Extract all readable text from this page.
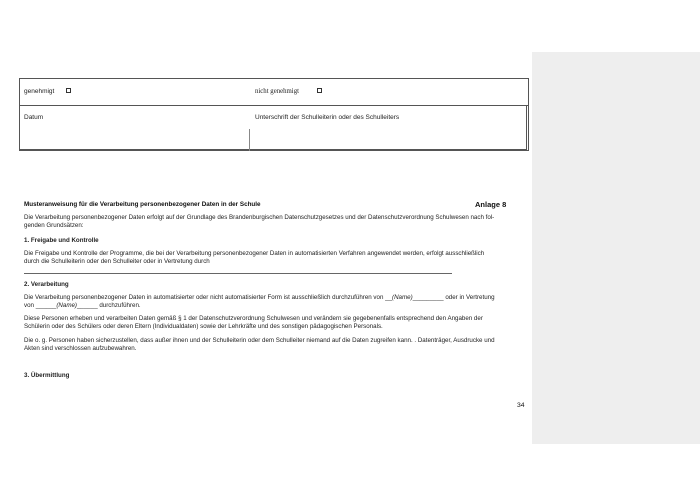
genehmigt	nicht genehmigt
Datum	Unterschrift der Schulleiterin oder des Schulleiters
Musteranweisung für die Verarbeitung personenbezogener Daten in der Schule	Anlage 8
Die Verarbeitung personenbezogener Daten erfolgt auf der Grundlage des Brandenburgischen Datenschutzgesetzes und der Datenschutzverordnung Schulwesen nach fol-
genden Grundsätzen:
1. Freigabe und Kontrolle
Die Freigabe und Kontrolle der Programme, die bei der Verarbeitung personenbezogener Daten in automatisierten Verfahren angewendet werden, erfolgt ausschließlich
durch die Schulleiterin oder den Schulleiter oder in Vertretung durch
2. Verarbeitung
Die Verarbeitung personenbezogener Daten in automatisierter oder nicht automatisierter Form ist ausschließlich durchzuführen von __(Name)_________ oder in Vertretung
von ______(Name)______ durchzuführen.
Diese Personen erheben und verarbeiten Daten gemäß § 1 der Datenschutzverordnung Schulwesen und verändern sie gegebenenfalls entsprechend den Angaben der
Schülerin oder des Schülers oder deren Eltern (Individualdaten) sowie der Lehrkräfte und des sonstigen pädagogischen Personals.
Die o. g. Personen haben sicherzustellen, dass außer ihnen und der Schulleiterin oder dem Schulleiter niemand auf die Daten zugreifen kann. . Datenträger, Ausdrucke und
Akten sind verschlossen aufzubewahren.
3. Übermittlung
34
